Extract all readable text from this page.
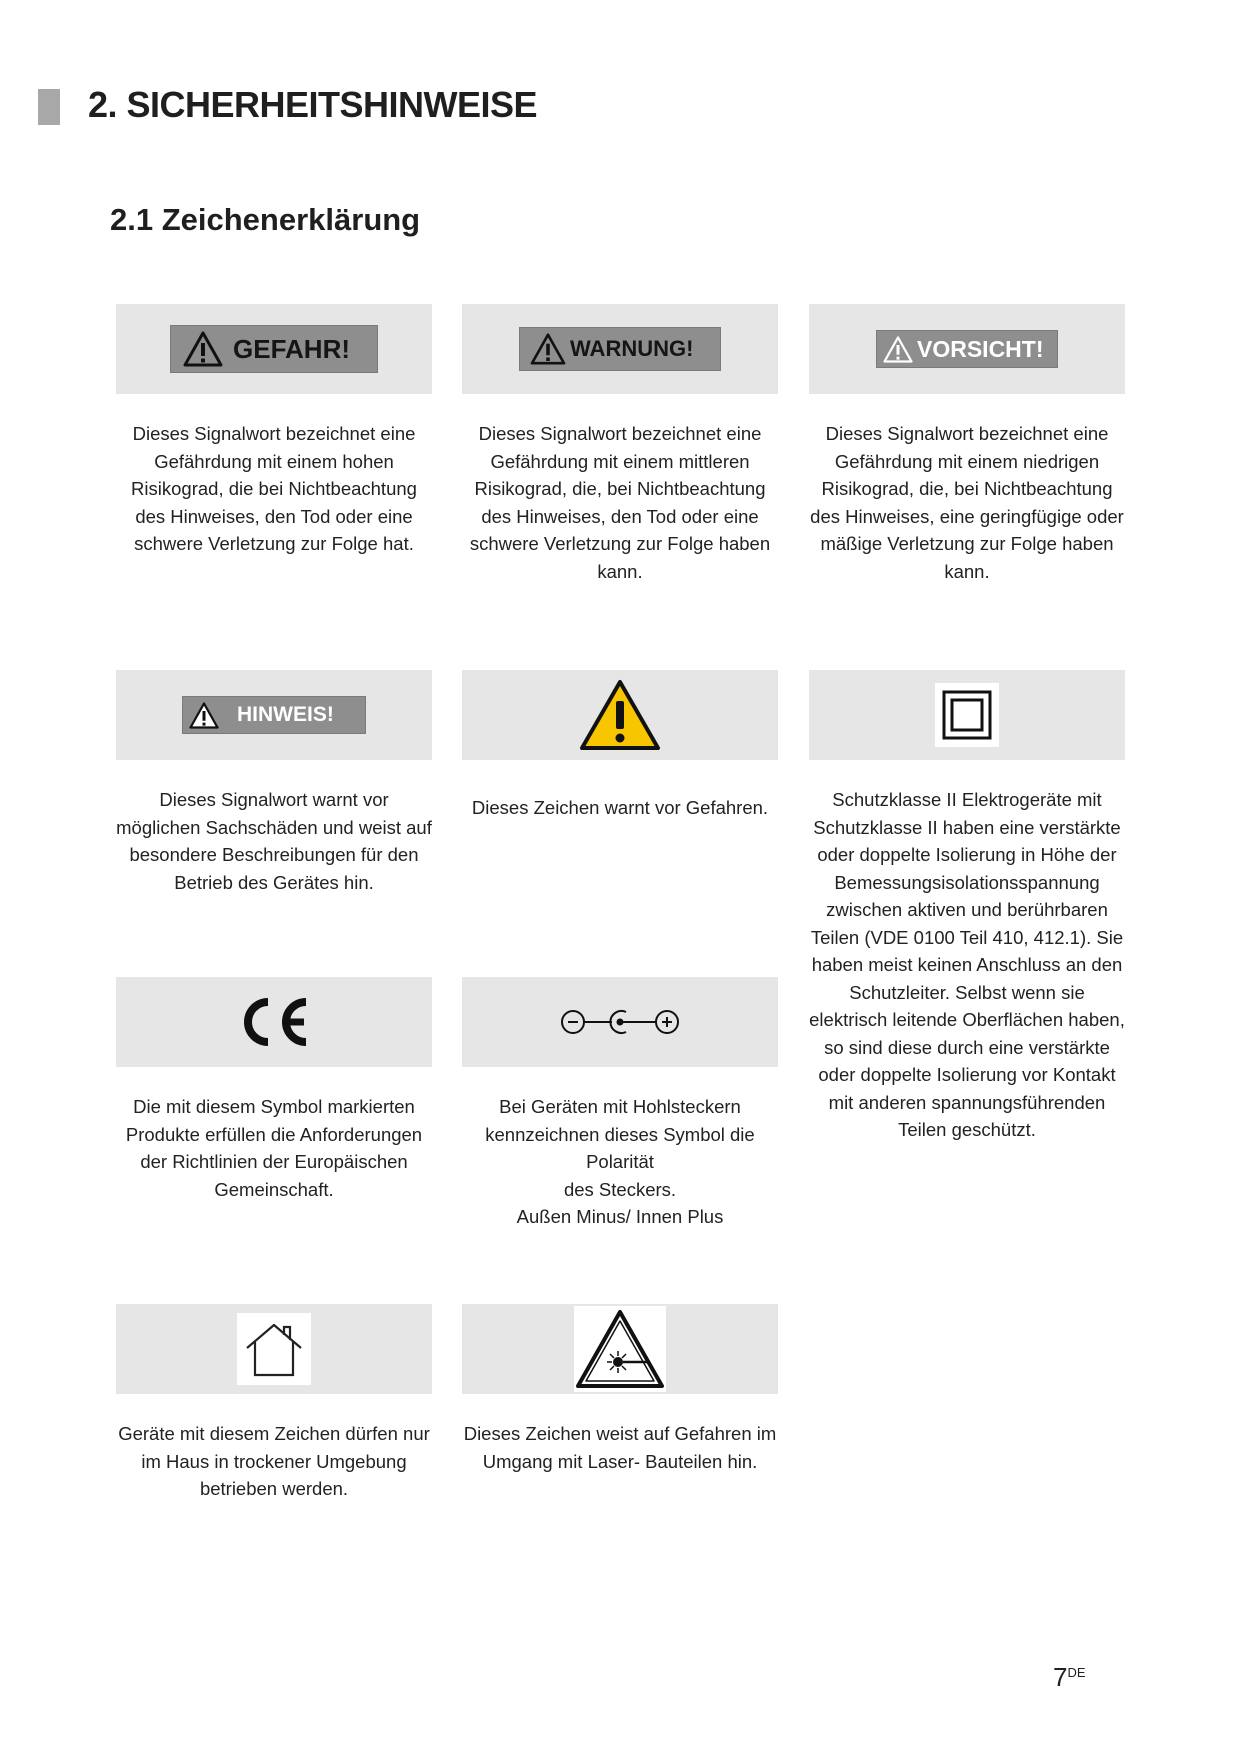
2. SICHERHEITSHINWEISE
2.1 Zeichenerklärung
GEFAHR!

Dieses Signalwort bezeichnet eine Gefährdung mit einem hohen Risikograd, die bei Nichtbeachtung des Hinweises, den Tod oder eine schwere Verletzung zur Folge hat.

WARNUNG!

Dieses Signalwort bezeichnet eine Gefährdung mit einem mittleren Risikograd, die, bei Nichtbeachtung des Hinweises, den Tod oder eine schwere Verletzung zur Folge haben kann.

VORSICHT!

Dieses Signalwort bezeichnet eine Gefährdung mit einem niedrigen Risikograd, die, bei Nichtbeachtung des Hinweises, eine geringfügige oder mäßige Verletzung zur Folge haben kann.

HINWEIS!

Dieses Signalwort warnt vor möglichen Sachschäden und weist auf besondere Beschreibungen für den Betrieb des Gerätes hin.

Dieses Zeichen warnt vor Gefahren.	Schutzklasse II Elektrogeräte mit Schutzklasse II haben eine verstärkte oder doppelte Isolierung in Höhe der Bemessungsisolationsspannung zwischen aktiven und berührbaren Teilen (VDE 0100 Teil 410, 412.1). Sie haben meist keinen Anschluss an den Schutzleiter. Selbst wenn sie elektrisch leitende Oberflächen haben, so sind diese durch eine verstärkte oder doppelte Isolierung vor Kontakt mit anderen spannungsführenden Teilen geschützt.

Die mit diesem Symbol markierten Produkte erfüllen die Anforderungen der Richtlinien der Europäischen Gemeinschaft.

Bei Geräten mit Hohlsteckern kennzeichnen dieses Symbol die Polarität
des Steckers.
Außen Minus/ Innen Plus

Geräte mit diesem Zeichen dürfen nur im Haus in trockener Umgebung betrieben werden.

Dieses Zeichen weist auf Gefahren im Umgang mit Laser- Bauteilen hin.

7DE
